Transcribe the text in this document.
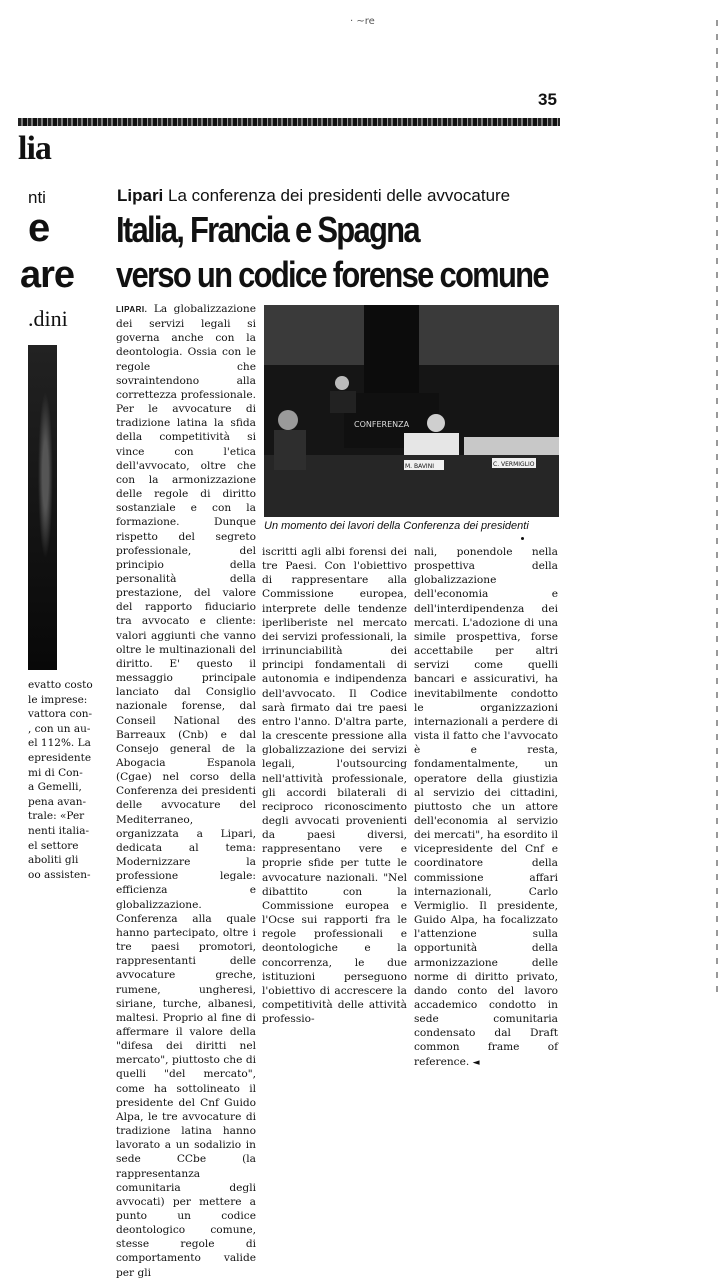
· ~re
35
lia
nti
e
are
.dini
evatto costo
le imprese:
vattora con-
, con un au-
el 112%. La
epresidente
mi di Con-
a Gemelli,
pena avan-
trale: «Per
nenti italia-
el settore
aboliti gli
oo assisten-
Lipari La conferenza dei presidenti delle avvocature
Italia, Francia e Spagna
verso un codice forense comune

LIPARI. La globalizzazione dei servizi legali si governa anche con la deontologia. Ossia con le regole che sovraintendono alla correttezza professionale. Per le avvocature di tradizione latina la sfida della competitività si vince con l'etica dell'avvocato, oltre che con la armonizzazione delle regole di diritto sostanziale e con la formazione. Dunque rispetto del segreto professionale, del principio della personalità della prestazione, del valore del rapporto fiduciario tra avvocato e cliente: valori aggiunti che vanno oltre le multinazionali del diritto. E' questo il messaggio principale lanciato dal Consiglio nazionale forense, dal Conseil National des Barreaux (Cnb) e dal Consejo general de la Abogacia Espanola (Cgae) nel corso della Conferenza dei presidenti delle avvocature del Mediterraneo, organizzata a Lipari, dedicata al tema: Modernizzare la professione legale: efficienza e globalizzazione. Conferenza alla quale hanno partecipato, oltre i tre paesi promotori, rappresentanti delle avvocature greche, rumene, ungheresi, siriane, turche, albanesi, maltesi. Proprio al fine di affermare il valore della "difesa dei diritti nel mercato", piuttosto che di quelli "del mercato", come ha sottolineato il presidente del Cnf Guido Alpa, le tre avvocature di tradizione latina hanno lavorato a un sodalizio in sede CCbe (la rappresentanza comunitaria degli avvocati) per mettere a punto un codice deontologico comune, stesse regole di comportamento valide per gli

CONFERENZA
M. BAVINI	C. VERMIGLIO
Un momento dei lavori della Conferenza dei presidenti

iscritti agli albi forensi dei tre Paesi. Con l'obiettivo di rappresentare alla Commissione europea, interprete delle tendenze iperliberiste nel mercato dei servizi professionali, la irrinunciabilità dei principi fondamentali di autonomia e indipendenza dell'avvocato. Il Codice sarà firmato dai tre paesi entro l'anno. D'altra parte, la crescente pressione alla globalizzazione dei servizi legali, l'outsourcing nell'attività professionale, gli accordi bilaterali di reciproco riconoscimento degli avvocati provenienti da paesi diversi, rappresentano vere e proprie sfide per tutte le avvocature nazionali. "Nel dibattito con la Commissione europea e l'Ocse sui rapporti fra le regole professionali e deontologiche e la concorrenza, le due istituzioni perseguono l'obiettivo di accrescere la competitività delle attività professio-

nali, ponendole nella prospettiva della globalizzazione dell'economia e dell'interdipendenza dei mercati. L'adozione di una simile prospettiva, forse accettabile per altri servizi come quelli bancari e assicurativi, ha inevitabilmente condotto le organizzazioni internazionali a perdere di vista il fatto che l'avvocato è e resta, fondamentalmente, un operatore della giustizia al servizio dei cittadini, piuttosto che un attore dell'economia al servizio dei mercati", ha esordito il vicepresidente del Cnf e coordinatore della commissione affari internazionali, Carlo Vermiglio. Il presidente, Guido Alpa, ha focalizzato l'attenzione sulla opportunità della armonizzazione delle norme di diritto privato, dando conto del lavoro accademico condotto in sede comunitaria condensato dal Draft common frame of reference. ◄
